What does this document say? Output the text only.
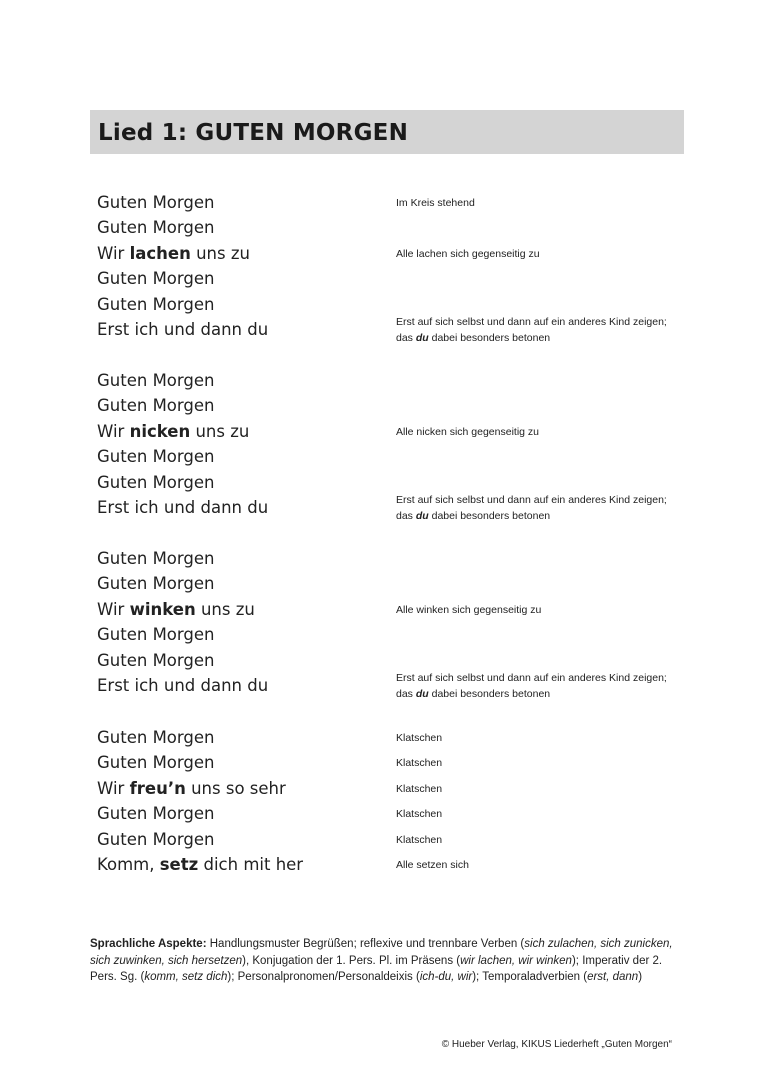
Lied 1: GUTEN MORGEN
Guten Morgen
Guten Morgen
Wir lachen uns zu
Guten Morgen
Guten Morgen
Erst ich und dann du
Im Kreis stehend
Alle lachen sich gegenseitig zu
Erst auf sich selbst und dann auf ein anderes Kind zeigen;
das du dabei besonders betonen
Guten Morgen
Guten Morgen
Wir nicken uns zu
Guten Morgen
Guten Morgen
Erst ich und dann du
Alle nicken sich gegenseitig zu
Erst auf sich selbst und dann auf ein anderes Kind zeigen;
das du dabei besonders betonen
Guten Morgen
Guten Morgen
Wir winken uns zu
Guten Morgen
Guten Morgen
Erst ich und dann du
Alle winken sich gegenseitig zu
Erst auf sich selbst und dann auf ein anderes Kind zeigen;
das du dabei besonders betonen
Guten Morgen
Guten Morgen
Wir freu’n uns so sehr
Guten Morgen
Guten Morgen
Komm, setz dich mit her
Klatschen
Klatschen
Klatschen
Klatschen
Klatschen
Alle setzen sich
Sprachliche Aspekte: Handlungsmuster Begrüßen; reflexive und trennbare Verben (sich zulachen, sich zunicken, sich zuwinken, sich hersetzen), Konjugation der 1. Pers. Pl. im Präsens (wir lachen, wir winken); Imperativ der 2. Pers. Sg. (komm, setz dich); Personalpronomen/Personaldeixis (ich-du, wir); Temporaladverbien (erst, dann)
© Hueber Verlag, KIKUS Liederheft „Guten Morgen“
